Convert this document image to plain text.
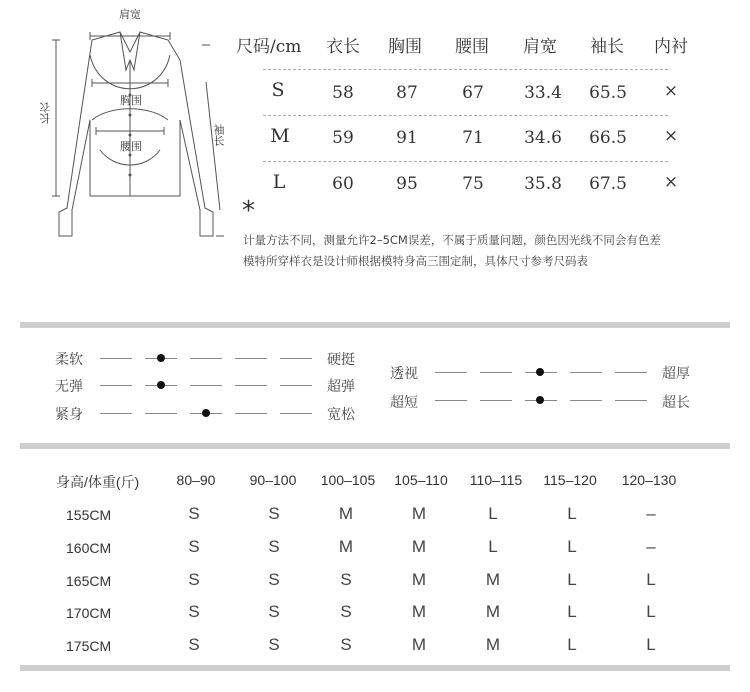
肩宽
长衣
胸围
腰围
袖长
尺码/cm 衣长 胸围 腰围 肩宽 袖长 内衬
S	58	87	67	33.4	65.5	×
M	59	91	71	34.6	66.5	×
L	60	95	75	35.8	67.5	×
*
计量方法不同，测量允许2–5CM误差，不属于质量问题，颜色因光线不同会有色差
模特所穿样衣是设计师根据模特身高三围定制，具体尺寸参考尺码表
柔软	硬挺
无弹	超弹
紧身	宽松
透视	超厚
超短	超长
身高/体重(斤)	80–90	90–100	100–105	105–110	110–115	115–120	120–130
155CM	S	S	M	M	L	L	–
160CM	S	S	M	M	L	L	–
165CM	S	S	S	M	M	L	L
170CM	S	S	S	M	M	L	L
175CM	S	S	S	M	M	L	L
